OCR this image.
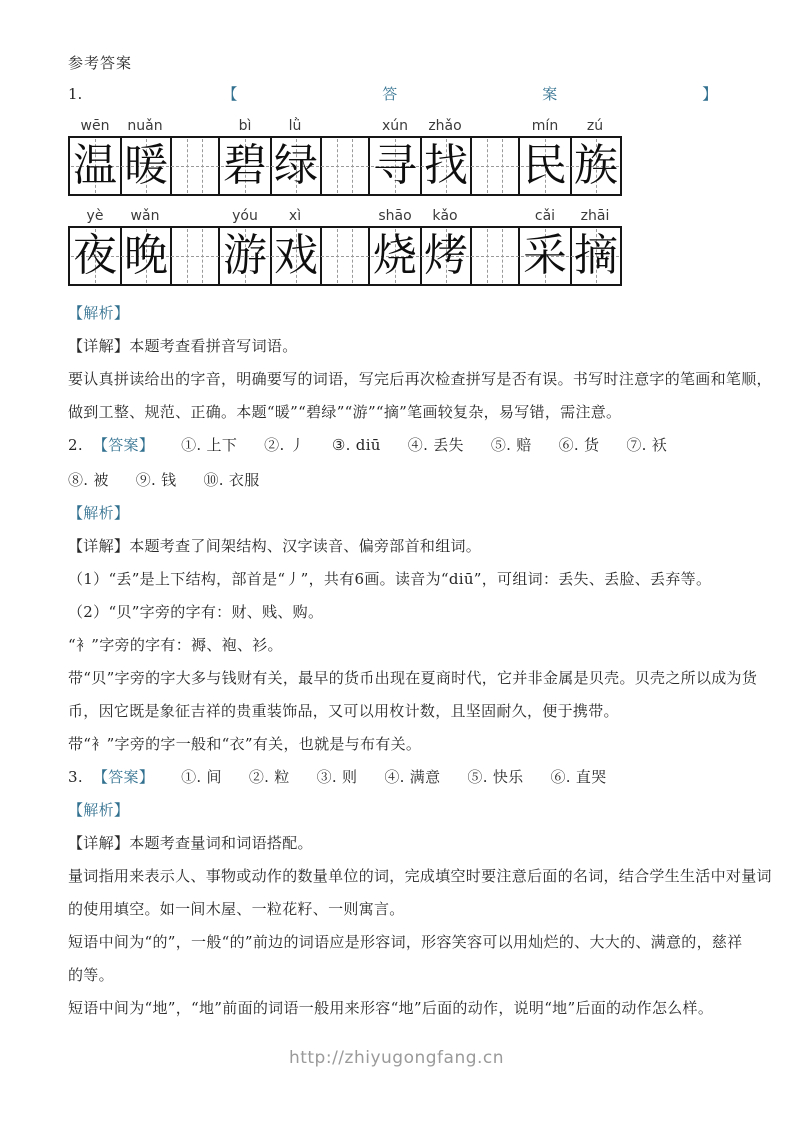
参考答案
1.	【	答	案	】
wēn	nuǎn	bì	lǜ	xún	zhǎo	mín	zú
温 暖 碧 绿 寻 找 民 族
yè	wǎn	yóu	xì	shāo	kǎo	cǎi	zhāi
夜 晚 游 戏 烧 烤 采 摘
【解析】
【详解】本题考查看拼音写词语。
要认真拼读给出的字音，明确要写的词语，写完后再次检查拼写是否有误。书写时注意字的笔画和笔顺，
做到工整、规范、正确。本题“暖”“碧绿”“游”“摘”笔画较复杂，易写错，需注意。
2. 【答案】 ①. 上下 ②. 丿 ③. diū ④. 丢失 ⑤. 赔 ⑥. 货 ⑦. 袄
⑧. 被 ⑨. 钱 ⑩. 衣服
【解析】
【详解】本题考查了间架结构、汉字读音、偏旁部首和组词。
（1）“丢”是上下结构，部首是“丿”，共有6画。读音为“diū”，可组词：丢失、丢脸、丢弃等。
（2）“贝”字旁的字有：财、贱、购。
“衤”字旁的字有：褥、袍、衫。
带“贝”字旁的字大多与钱财有关，最早的货币出现在夏商时代，它并非金属是贝壳。贝壳之所以成为货
币，因它既是象征吉祥的贵重装饰品，又可以用枚计数，且坚固耐久，便于携带。
带“衤”字旁的字一般和“衣”有关，也就是与布有关。
3. 【答案】 ①. 间 ②. 粒 ③. 则 ④. 满意 ⑤. 快乐 ⑥. 直哭
【解析】
【详解】本题考查量词和词语搭配。
量词指用来表示人、事物或动作的数量单位的词，完成填空时要注意后面的名词，结合学生生活中对量词
的使用填空。如一间木屋、一粒花籽、一则寓言。
短语中间为“的”，一般“的”前边的词语应是形容词，形容笑容可以用灿烂的、大大的、满意的，慈祥
的等。
短语中间为“地”，“地”前面的词语一般用来形容“地”后面的动作，说明“地”后面的动作怎么样。
http://zhiyugongfang.cn
